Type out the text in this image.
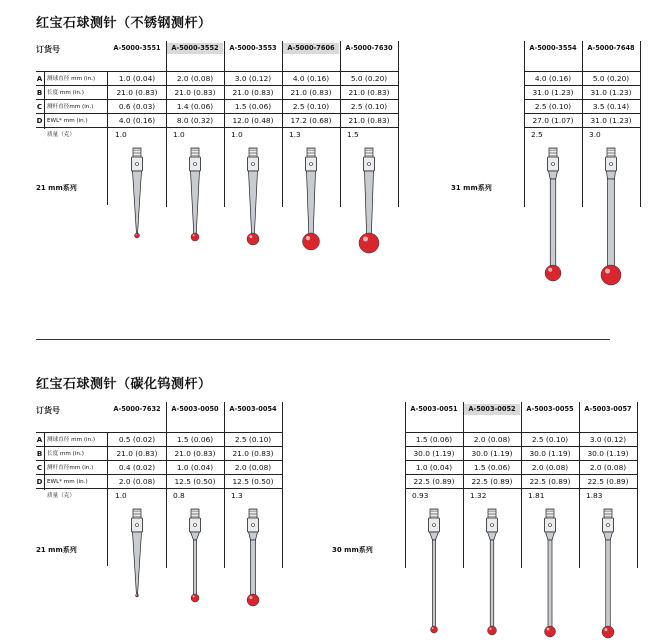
红宝石球测针（不锈钢测杆）
订货号
A 测球直径 mm (in.)
B 长度 mm (in.)
C 测杆直径mm (in.)
D EWL* mm (in.)
质量（克）
A-5000-3551
1.0 (0.04)
21.0 (0.83)
0.6 (0.03)
4.0 (0.16)
1.0
A-5000-3552
2.0 (0.08)
21.0 (0.83)
1.4 (0.06)
8.0 (0.32)
1.0
A-5000-3553
3.0 (0.12)
21.0 (0.83)
1.5 (0.06)
12.0 (0.48)
1.0
A-5000-7606
4.0 (0.16)
21.0 (0.83)
2.5 (0.10)
17.2 (0.68)
1.3
A-5000-7630
5.0 (0.20)
21.0 (0.83)
2.5 (0.10)
21.0 (0.83)
1.5
21 mm系列
A-5000-3554
4.0 (0.16)
31.0 (1.23)
2.5 (0.10)
27.0 (1.07)
2.5
A-5000-7648
5.0 (0.20)
31.0 (1.23)
3.5 (0.14)
31.0 (1.23)
3.0
31 mm系列
红宝石球测针（碳化钨测杆）
订货号
A 测球直径 mm (in.)
B 长度 mm (in.)
C 测杆直径mm (in.)
D EWL* mm (in.)
质量（克）
A-5000-7632
0.5 (0.02)
21.0 (0.83)
0.4 (0.02)
2.0 (0.08)
1.0
A-5003-0050
1.5 (0.06)
21.0 (0.83)
1.0 (0.04)
12.5 (0.50)
0.8
A-5003-0054
2.5 (0.10)
21.0 (0.83)
2.0 (0.08)
12.5 (0.50)
1.3
21 mm系列
A-5003-0051
1.5 (0.06)
30.0 (1.19)
1.0 (0.04)
22.5 (0.89)
0.93
A-5003-0052
2.0 (0.08)
30.0 (1.19)
1.5 (0.06)
22.5 (0.89)
1.32
A-5003-0055
2.5 (0.10)
30.0 (1.19)
2.0 (0.08)
22.5 (0.89)
1.81
A-5003-0057
3.0 (0.12)
30.0 (1.19)
2.0 (0.08)
22.5 (0.89)
1.83
30 mm系列
